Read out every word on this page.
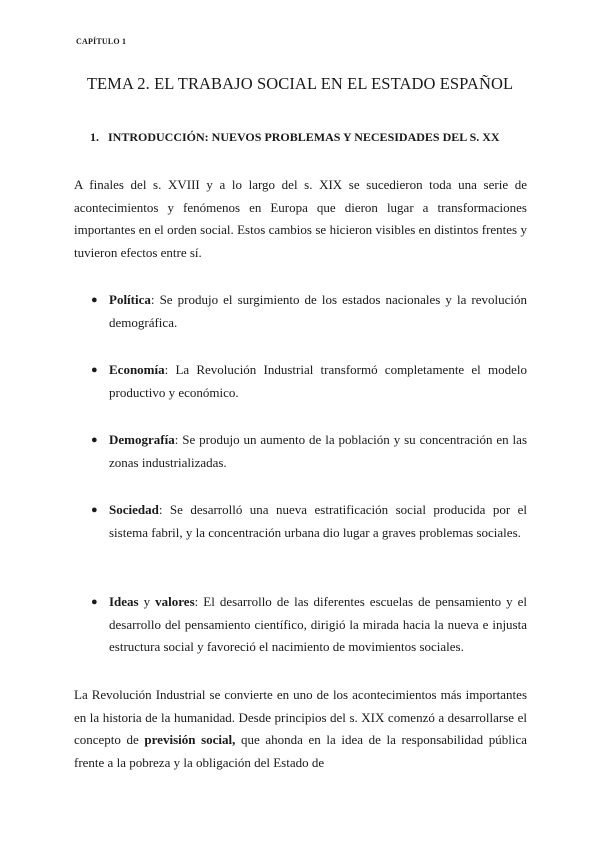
CAPÍTULO 1
TEMA 2. EL TRABAJO SOCIAL EN EL ESTADO ESPAÑOL
1. INTRODUCCIÓN: NUEVOS PROBLEMAS Y NECESIDADES DEL S. XX
A finales del s. XVIII y a lo largo del s. XIX se sucedieron toda una serie de acontecimientos y fenómenos en Europa que dieron lugar a transformaciones importantes en el orden social. Estos cambios se hicieron visibles en distintos frentes y tuvieron efectos entre sí.
● Política: Se produjo el surgimiento de los estados nacionales y la revolución demográfica.
● Economía: La Revolución Industrial transformó completamente el modelo productivo y económico.
● Demografía: Se produjo un aumento de la población y su concentración en las zonas industrializadas.
● Sociedad: Se desarrolló una nueva estratificación social producida por el sistema fabril, y la concentración urbana dio lugar a graves problemas sociales.
● Ideas y valores: El desarrollo de las diferentes escuelas de pensamiento y el desarrollo del pensamiento científico, dirigió la mirada hacia la nueva e injusta estructura social y favoreció el nacimiento de movimientos sociales.
La Revolución Industrial se convierte en uno de los acontecimientos más importantes en la historia de la humanidad. Desde principios del s. XIX comenzó a desarrollarse el concepto de previsión social, que ahonda en la idea de la responsabilidad pública frente a la pobreza y la obligación del Estado de
